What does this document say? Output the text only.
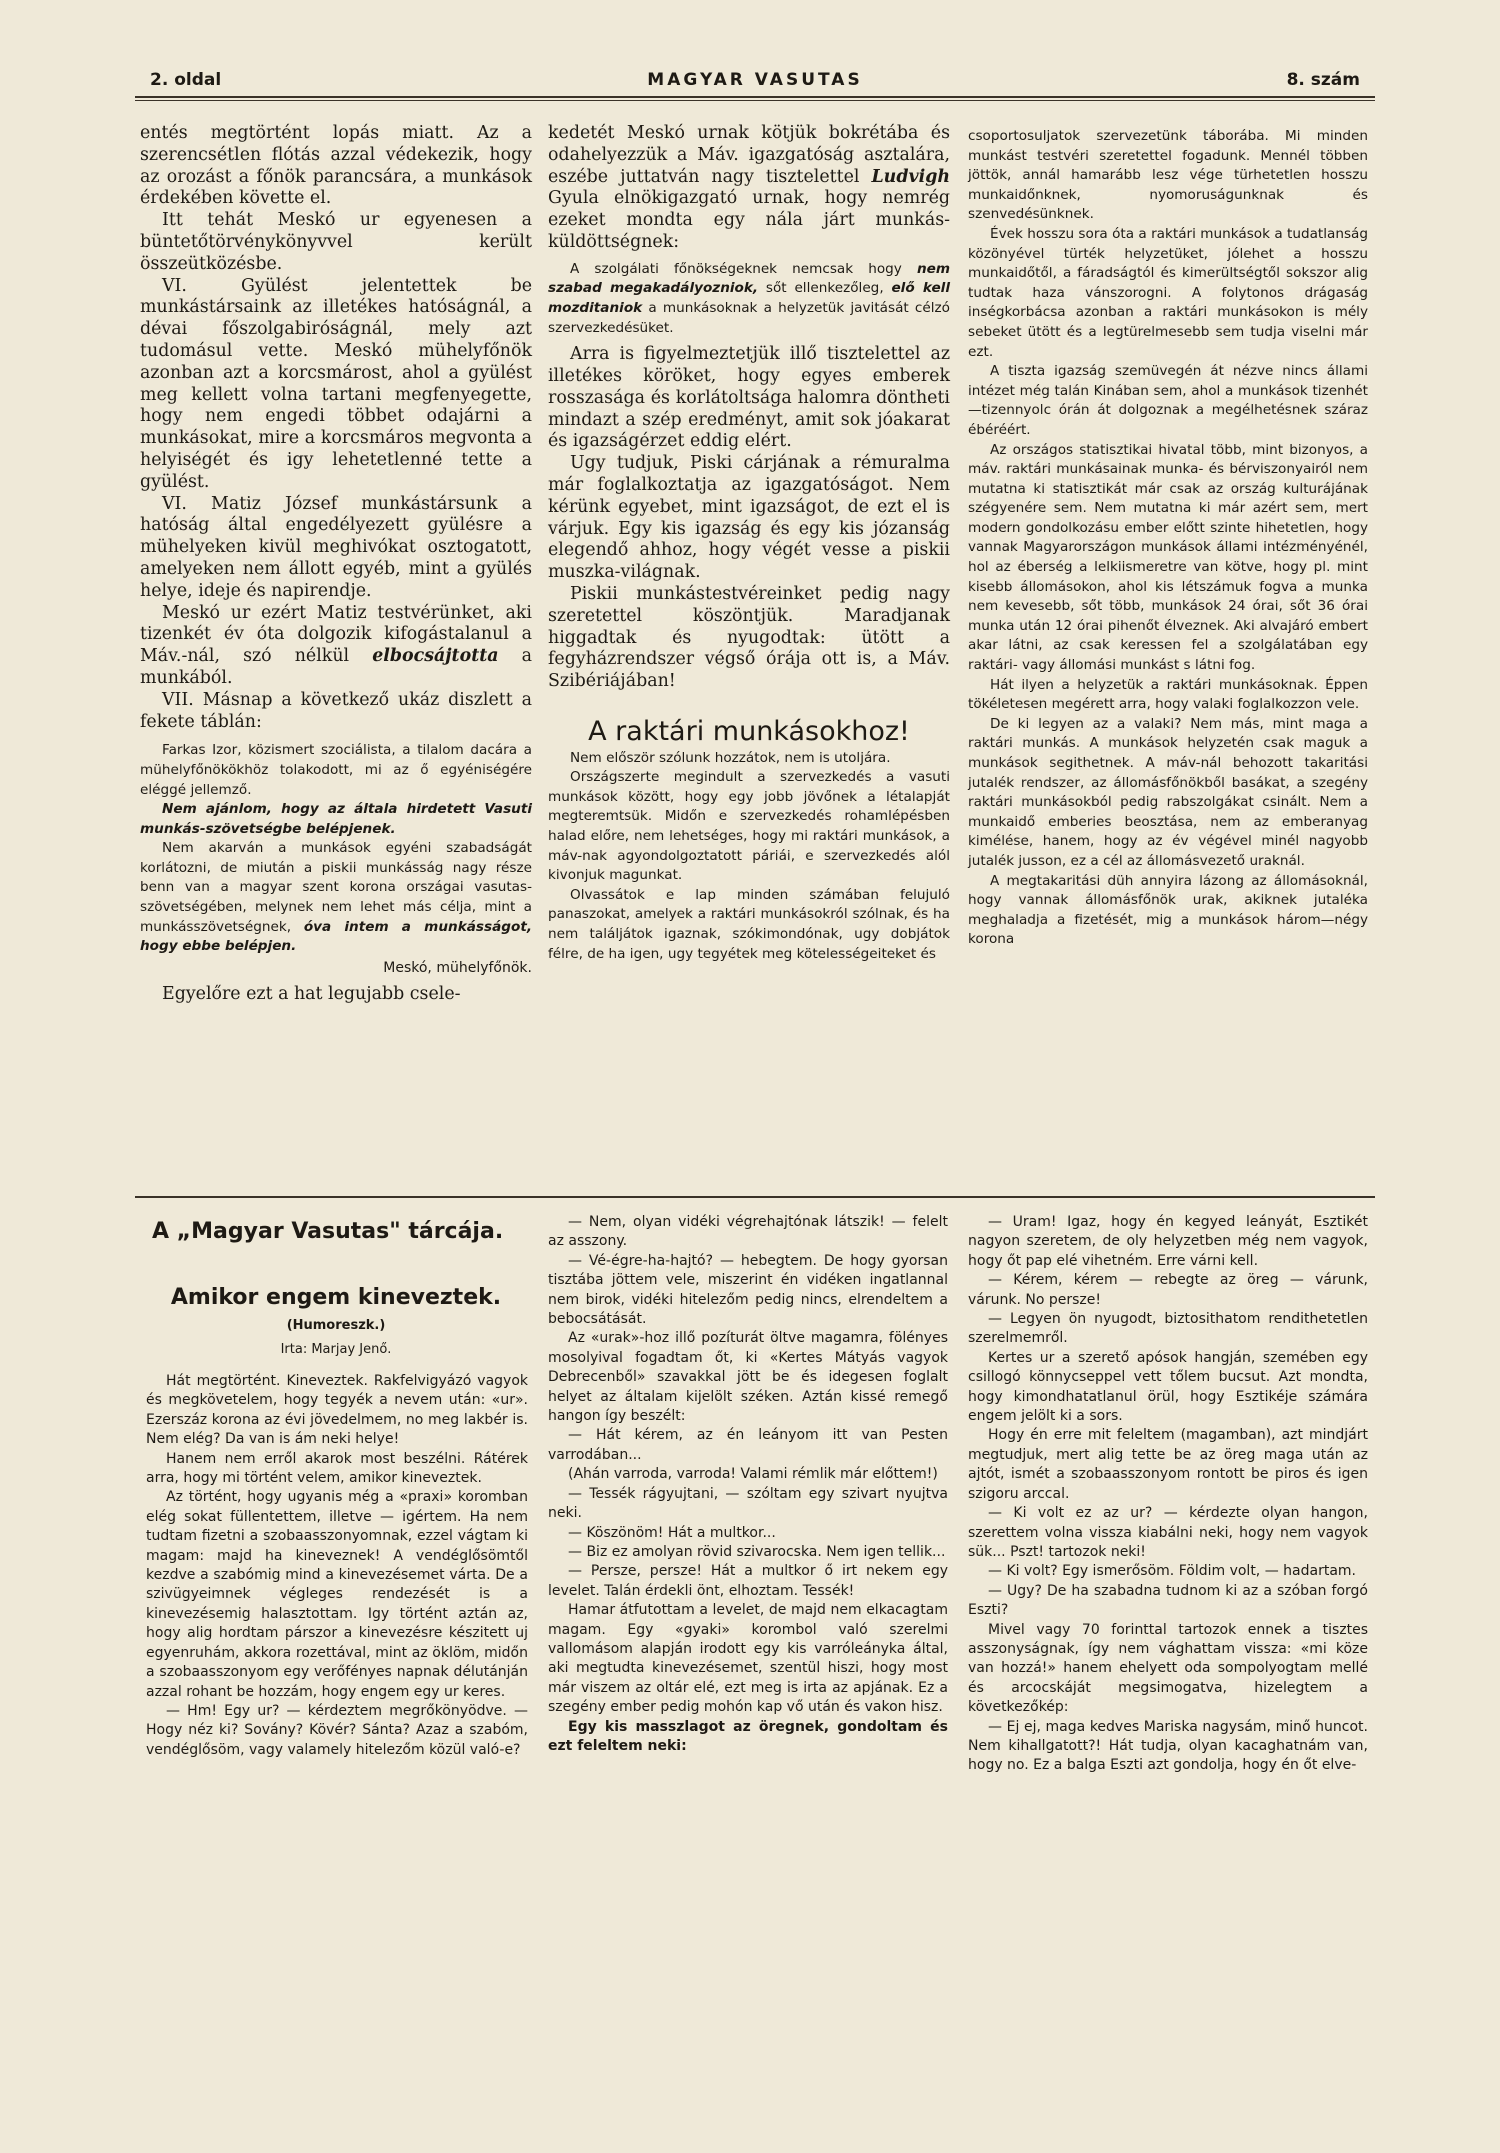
2. oldal	MAGYAR VASUTAS	8. szám

entés megtörtént lopás miatt. Az a szerencsétlen flótás azzal védekezik, hogy az orozást a főnök parancsára, a munkások érdekében követte el.

Itt tehát Meskó ur egyenesen a büntetőtörvénykönyvvel került összeütközésbe.

VI. Gyülést jelentettek be munkástársaink az illetékes hatóságnál, a dévai főszolgabiróságnál, mely azt tudomásul vette. Meskó mühelyfőnök azonban azt a korcsmárost, ahol a gyülést meg kellett volna tartani megfenyegette, hogy nem engedi többet odajárni a munkásokat, mire a korcsmáros megvonta a helyiségét és igy lehetetlenné tette a gyülést.

VI. Matiz József munkástársunk a hatóság által engedélyezett gyülésre a mühelyeken kivül meghivókat osztogatott, amelyeken nem állott egyéb, mint a gyülés helye, ideje és napirendje.

Meskó ur ezért Matiz testvérünket, aki tizenkét év óta dolgozik kifogástalanul a Máv.-nál, szó nélkül elbocsájtotta a munkából.

VII. Másnap a következő ukáz diszlett a fekete táblán:

Farkas Izor, közismert szociálista, a tilalom dacára a mühelyfőnökökhöz tolakodott, mi az ő egyéniségére eléggé jellemző.

Nem ajánlom, hogy az általa hirdetett Vasuti munkás-szövetségbe belépjenek.

Nem akarván a munkások egyéni szabadságát korlátozni, de miután a piskii munkásság nagy része benn van a magyar szent korona országai vasutas-szövetségében, melynek nem lehet más célja, mint a munkásszövetségnek, óva intem a munkásságot, hogy ebbe belépjen.

Meskó, mühelyfőnök.

Egyelőre ezt a hat legujabb csele-

kedetét Meskó urnak kötjük bokrétába és odahelyezzük a Máv. igazgatóság asztalára, eszébe juttatván nagy tisztelettel Ludvigh Gyula elnökigazgató urnak, hogy nemrég ezeket mondta egy nála járt munkás-küldöttségnek:

A szolgálati főnökségeknek nemcsak hogy nem szabad megakadályozniok, sőt ellenkezőleg, elő kell mozditaniok a munkásoknak a helyzetük javitását célzó szervezkedésüket.

Arra is figyelmeztetjük illő tisztelettel az illetékes köröket, hogy egyes emberek rosszasága és korlátoltsága halomra döntheti mindazt a szép eredményt, amit sok jóakarat és igazságérzet eddig elért.

Ugy tudjuk, Piski cárjának a rémuralma már foglalkoztatja az igazgatóságot. Nem kérünk egyebet, mint igazságot, de ezt el is várjuk. Egy kis igazság és egy kis józanság elegendő ahhoz, hogy végét vesse a piskii muszka-világnak.

Piskii munkástestvéreinket pedig nagy szeretettel köszöntjük. Maradjanak higgadtak és nyugodtak: ütött a fegyházrendszer végső órája ott is, a Máv. Szibériájában!

A raktári munkásokhoz!

Nem először szólunk hozzátok, nem is utoljára.

Országszerte megindult a szervezkedés a vasuti munkások között, hogy egy jobb jövőnek a létalapját megteremtsük. Midőn e szervezkedés rohamlépésben halad előre, nem lehetséges, hogy mi raktári munkások, a máv-nak agyondolgoztatott páriái, e szervezkedés alól kivonjuk magunkat.

Olvassátok e lap minden számában felujuló panaszokat, amelyek a raktári munkásokról szólnak, és ha nem találjátok igaznak, szókimondónak, ugy dobjátok félre, de ha igen, ugy tegyétek meg kötelességeiteket és

csoportosuljatok szervezetünk táborába. Mi minden munkást testvéri szeretettel fogadunk. Mennél többen jöttök, annál hamarább lesz vége türhetetlen hosszu munkaidőnknek, nyomoruságunknak és szenvedésünknek.

Évek hosszu sora óta a raktári munkások a tudatlanság közönyével türték helyzetüket, jólehet a hosszu munkaidőtől, a fáradságtól és kimerültségtől sokszor alig tudtak haza vánszorogni. A folytonos drágaság inségkorbácsa azonban a raktári munkásokon is mély sebeket ütött és a legtürelmesebb sem tudja viselni már ezt.

A tiszta igazság szemüvegén át nézve nincs állami intézet még talán Kinában sem, ahol a munkások tizenhét—tizennyolc órán át dolgoznak a megélhetésnek száraz ébéréért.

Az országos statisztikai hivatal több, mint bizonyos, a máv. raktári munkásainak munka- és bérviszonyairól nem mutatna ki statisztikát már csak az ország kulturájának szégyenére sem. Nem mutatna ki már azért sem, mert modern gondolkozásu ember előtt szinte hihetetlen, hogy vannak Magyarországon munkások állami intézményénél, hol az éberség a lelkiismeretre van kötve, hogy pl. mint kisebb állomásokon, ahol kis létszámuk fogva a munka nem kevesebb, sőt több, munkások 24 órai, sőt 36 órai munka után 12 órai pihenőt élveznek. Aki alvajáró embert akar látni, az csak keressen fel a szolgálatában egy raktári- vagy állomási munkást s látni fog.

Hát ilyen a helyzetük a raktári munkásoknak. Éppen tökéletesen megérett arra, hogy valaki foglalkozzon vele.

De ki legyen az a valaki? Nem más, mint maga a raktári munkás. A munkások helyzetén csak maguk a munkások segithetnek. A máv-nál behozott takaritási jutalék rendszer, az állomásfőnökből basákat, a szegény raktári munkásokból pedig rabszolgákat csinált. Nem a munkaidő emberies beosztása, nem az emberanyag kimélése, hanem, hogy az év végével minél nagyobb jutalék jusson, ez a cél az állomásvezető uraknál.

A megtakaritási düh annyira lázong az állomásoknál, hogy vannak állomásfőnök urak, akiknek jutaléka meghaladja a fizetését, mig a munkások három—négy korona

A „Magyar Vasutas" tárcája.
Amikor engem kineveztek.
(Humoreszk.)
Irta: Marjay Jenő.

Hát megtörtént. Kineveztek. Rakfelvigyázó vagyok és megkövetelem, hogy tegyék a nevem után: «ur». Ezerszáz korona az évi jövedelmem, no meg lakbér is. Nem elég? Da van is ám neki helye!

Hanem nem erről akarok most beszélni. Rátérek arra, hogy mi történt velem, amikor kineveztek.

Az történt, hogy ugyanis még a «praxi» koromban elég sokat füllentettem, illetve — igértem. Ha nem tudtam fizetni a szobaasszonyomnak, ezzel vágtam ki magam: majd ha kineveznek! A vendéglősömtől kezdve a szabómig mind a kinevezésemet várta. De a szivügyeimnek végleges rendezését is a kinevezésemig halasztottam. Igy történt aztán az, hogy alig hordtam párszor a kinevezésre készitett uj egyenruhám, akkora rozettával, mint az öklöm, midőn a szobaasszonyom egy verőfényes napnak délutánján azzal rohant be hozzám, hogy engem egy ur keres.

— Hm! Egy ur? — kérdeztem megrőkönyödve. — Hogy néz ki? Sovány? Kövér? Sánta? Azaz a szabóm, vendéglősöm, vagy valamely hitelezőm közül való-e?

— Nem, olyan vidéki végrehajtónak látszik! — felelt az asszony.

— Vé-égre-ha-hajtó? — hebegtem. De hogy gyorsan tisztába jöttem vele, miszerint én vidéken ingatlannal nem birok, vidéki hitelezőm pedig nincs, elrendeltem a bebocsátását.

Az «urak»-hoz illő pozíturát öltve magamra, fölényes mosolyival fogadtam őt, ki «Kertes Mátyás vagyok Debrecenből» szavakkal jött be és idegesen foglalt helyet az általam kijelölt széken. Aztán kissé remegő hangon így beszélt:

— Hát kérem, az én leányom itt van Pesten varrodában...

(Ahán varroda, varroda! Valami rémlik már előttem!)

— Tessék rágyujtani, — szóltam egy szivart nyujtva neki.

— Köszönöm! Hát a multkor...

— Biz ez amolyan rövid szivarocska. Nem igen tellik...

— Persze, persze! Hát a multkor ő irt nekem egy levelet. Talán érdekli önt, elhoztam. Tessék!

Hamar átfutottam a levelet, de majd nem elkacagtam magam. Egy «gyaki» korombol való szerelmi vallomásom alapján irodott egy kis varróleányka által, aki megtudta kinevezésemet, szentül hiszi, hogy most már viszem az oltár elé, ezt meg is irta az apjának. Ez a szegény ember pedig mohón kap vő után és vakon hisz.

Egy kis masszlagot az öregnek, gondoltam és ezt feleltem neki:

— Uram! Igaz, hogy én kegyed leányát, Esztikét nagyon szeretem, de oly helyzetben még nem vagyok, hogy őt pap elé vihetném. Erre várni kell.

— Kérem, kérem — rebegte az öreg — várunk, várunk. No persze!

— Legyen ön nyugodt, biztosithatom rendithetetlen szerelmemről.

Kertes ur a szerető apósok hangján, szemében egy csillogó könnycseppel vett tőlem bucsut. Azt mondta, hogy kimondhatatlanul örül, hogy Esztikéje számára engem jelölt ki a sors.

Hogy én erre mit feleltem (magamban), azt mindjárt megtudjuk, mert alig tette be az öreg maga után az ajtót, ismét a szobaasszonyom rontott be piros és igen szigoru arccal.

— Ki volt ez az ur? — kérdezte olyan hangon, szerettem volna vissza kiabálni neki, hogy nem vagyok sük... Pszt! tartozok neki!

— Ki volt? Egy ismerősöm. Földim volt, — hadartam.

— Ugy? De ha szabadna tudnom ki az a szóban forgó Eszti?

Mivel vagy 70 forinttal tartozok ennek a tisztes asszonyságnak, így nem vághattam vissza: «mi köze van hozzá!» hanem ehelyett oda sompolyogtam mellé és arcocskáját megsimogatva, hizelegtem a következőkép:

— Ej ej, maga kedves Mariska nagysám, minő huncot. Nem kihallgatott?! Hát tudja, olyan kacaghatnám van, hogy no. Ez a balga Eszti azt gondolja, hogy én őt elve-
